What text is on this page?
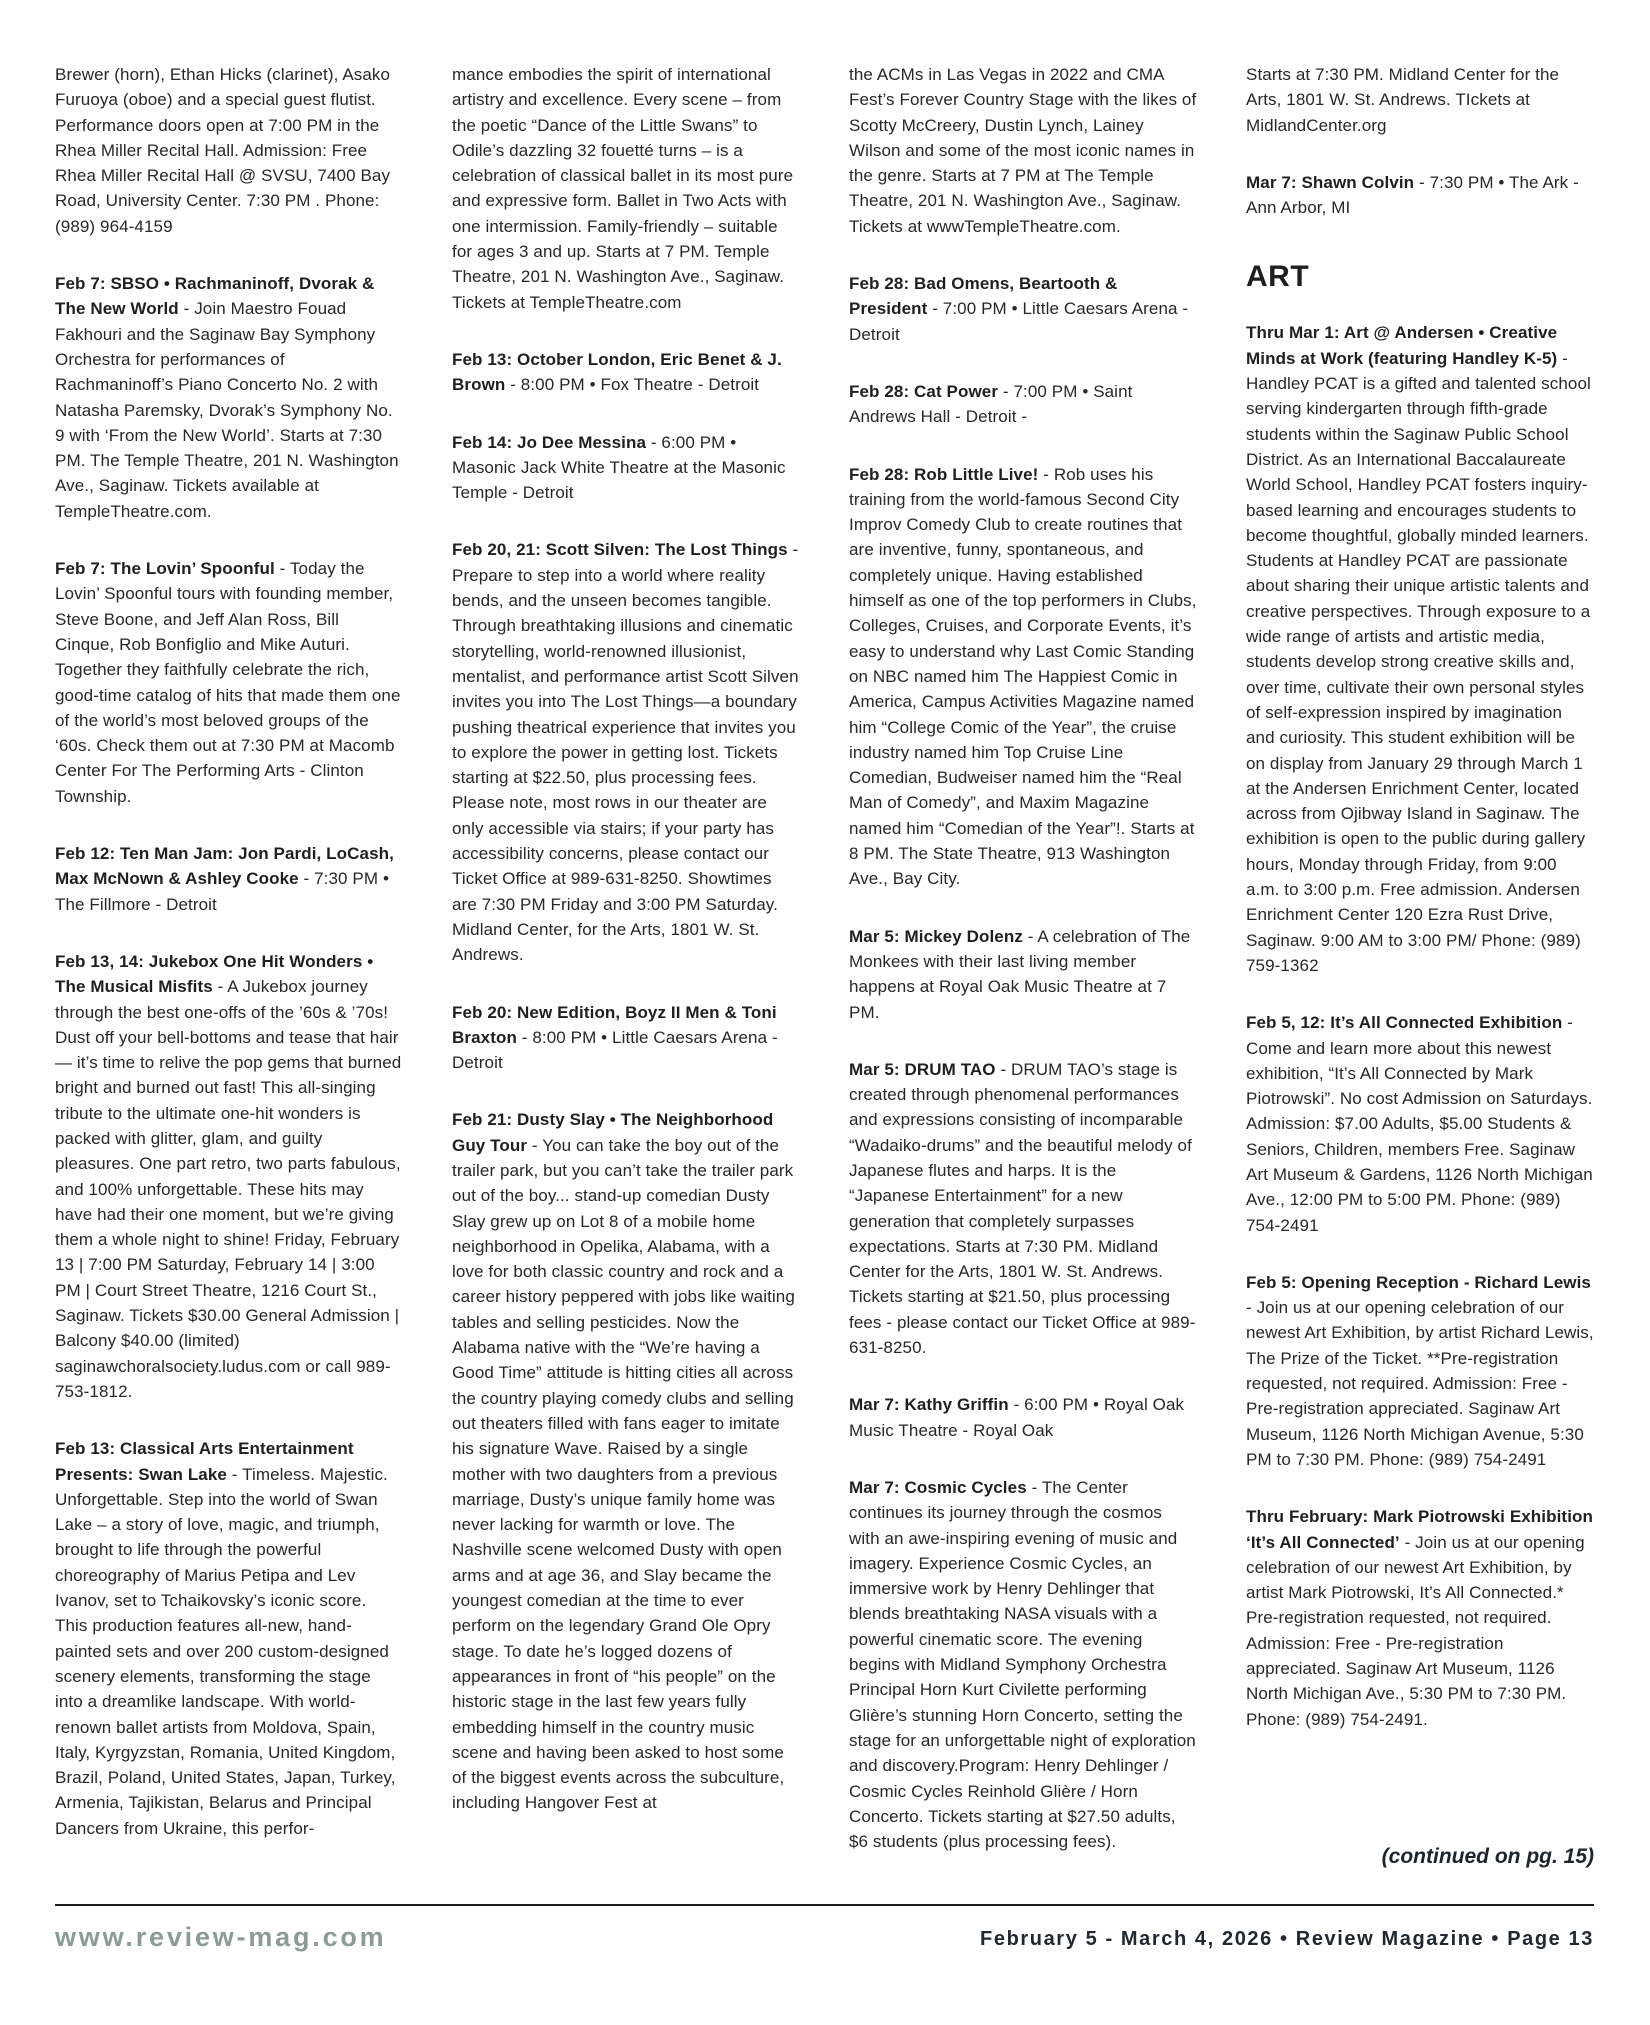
Brewer (horn), Ethan Hicks (clarinet), Asako Furuoya (oboe) and a special guest flutist. Performance doors open at 7:00 PM in the Rhea Miller Recital Hall. Admission: Free Rhea Miller Recital Hall @ SVSU, 7400 Bay Road, University Center. 7:30 PM . Phone: (989) 964-4159

Feb 7: SBSO • Rachmaninoff, Dvorak & The New World - Join Maestro Fouad Fakhouri and the Saginaw Bay Symphony Orchestra for performances of Rachmaninoff’s Piano Concerto No. 2 with Natasha Paremsky, Dvorak’s Symphony No. 9 with ‘From the New World’. Starts at 7:30 PM. The Temple Theatre, 201 N. Washington Ave., Saginaw. Tickets available at TempleTheatre.com.

Feb 7: The Lovin’ Spoonful - Today the Lovin’ Spoonful tours with founding member, Steve Boone, and Jeff Alan Ross, Bill Cinque, Rob Bonfiglio and Mike Auturi. Together they faithfully celebrate the rich, good-time catalog of hits that made them one of the world’s most beloved groups of the ‘60s. Check them out at 7:30 PM at Macomb Center For The Performing Arts - Clinton Township.

Feb 12: Ten Man Jam: Jon Pardi, LoCash, Max McNown & Ashley Cooke - 7:30 PM • The Fillmore - Detroit

Feb 13, 14: Jukebox One Hit Wonders • The Musical Misfits - A Jukebox journey through the best one-offs of the ’60s & ’70s! Dust off your bell-bottoms and tease that hair — it’s time to relive the pop gems that burned bright and burned out fast! This all-singing tribute to the ultimate one-hit wonders is packed with glitter, glam, and guilty pleasures. One part retro, two parts fabulous, and 100% unforgettable. These hits may have had their one moment, but we’re giving them a whole night to shine! Friday, February 13 | 7:00 PM Saturday, February 14 | 3:00 PM | Court Street Theatre, 1216 Court St., Saginaw. Tickets $30.00 General Admission | Balcony $40.00 (limited) saginawchoralsociety.ludus.com or call 989-753-1812.

Feb 13: Classical Arts Entertainment Presents: Swan Lake - Timeless. Majestic. Unforgettable. Step into the world of Swan Lake – a story of love, magic, and triumph, brought to life through the powerful choreography of Marius Petipa and Lev Ivanov, set to Tchaikovsky’s iconic score. This production features all-new, hand-painted sets and over 200 custom-designed scenery elements, transforming the stage into a dreamlike landscape. With world-renown ballet artists from Moldova, Spain, Italy, Kyrgyzstan, Romania, United Kingdom, Brazil, Poland, United States, Japan, Turkey, Armenia, Tajikistan, Belarus and Principal Dancers from Ukraine, this perfor-

mance embodies the spirit of international artistry and excellence. Every scene – from the poetic “Dance of the Little Swans” to Odile’s dazzling 32 fouetté turns – is a celebration of classical ballet in its most pure and expressive form. Ballet in Two Acts with one intermission. Family-friendly – suitable for ages 3 and up. Starts at 7 PM. Temple Theatre, 201 N. Washington Ave., Saginaw. Tickets at TempleTheatre.com

Feb 13: October London, Eric Benet & J. Brown - 8:00 PM • Fox Theatre - Detroit

Feb 14: Jo Dee Messina - 6:00 PM • Masonic Jack White Theatre at the Masonic Temple - Detroit

Feb 20, 21: Scott Silven: The Lost Things - Prepare to step into a world where reality bends, and the unseen becomes tangible. Through breathtaking illusions and cinematic storytelling, world-renowned illusionist, mentalist, and performance artist Scott Silven invites you into The Lost Things—a boundary pushing theatrical experience that invites you to explore the power in getting lost. Tickets starting at $22.50, plus processing fees. Please note, most rows in our theater are only accessible via stairs; if your party has accessibility concerns, please contact our Ticket Office at 989-631-8250. Showtimes are 7:30 PM Friday and 3:00 PM Saturday. Midland Center, for the Arts, 1801 W. St. Andrews.

Feb 20: New Edition, Boyz II Men & Toni Braxton - 8:00 PM • Little Caesars Arena - Detroit

Feb 21: Dusty Slay • The Neighborhood Guy Tour - You can take the boy out of the trailer park, but you can’t take the trailer park out of the boy... stand-up comedian Dusty Slay grew up on Lot 8 of a mobile home neighborhood in Opelika, Alabama, with a love for both classic country and rock and a career history peppered with jobs like waiting tables and selling pesticides. Now the Alabama native with the “We’re having a Good Time” attitude is hitting cities all across the country playing comedy clubs and selling out theaters filled with fans eager to imitate his signature Wave. Raised by a single mother with two daughters from a previous marriage, Dusty’s unique family home was never lacking for warmth or love. The Nashville scene welcomed Dusty with open arms and at age 36, and Slay became the youngest comedian at the time to ever perform on the legendary Grand Ole Opry stage. To date he’s logged dozens of appearances in front of “his people” on the historic stage in the last few years fully embedding himself in the country music scene and having been asked to host some of the biggest events across the subculture, including Hangover Fest at

the ACMs in Las Vegas in 2022 and CMA Fest’s Forever Country Stage with the likes of Scotty McCreery, Dustin Lynch, Lainey Wilson and some of the most iconic names in the genre. Starts at 7 PM at The Temple Theatre, 201 N. Washington Ave., Saginaw. Tickets at wwwTempleTheatre.com.

Feb 28: Bad Omens, Beartooth & President - 7:00 PM • Little Caesars Arena - Detroit

Feb 28: Cat Power - 7:00 PM • Saint Andrews Hall - Detroit -

Feb 28: Rob Little Live! - Rob uses his training from the world-famous Second City Improv Comedy Club to create routines that are inventive, funny, spontaneous, and completely unique. Having established himself as one of the top performers in Clubs, Colleges, Cruises, and Corporate Events, it’s easy to understand why Last Comic Standing on NBC named him The Happiest Comic in America, Campus Activities Magazine named him “College Comic of the Year”, the cruise industry named him Top Cruise Line Comedian, Budweiser named him the “Real Man of Comedy”, and Maxim Magazine named him “Comedian of the Year”!. Starts at 8 PM. The State Theatre, 913 Washington Ave., Bay City.

Mar 5: Mickey Dolenz - A celebration of The Monkees with their last living member happens at Royal Oak Music Theatre at 7 PM.

Mar 5: DRUM TAO - DRUM TAO’s stage is created through phenomenal performances and expressions consisting of incomparable “Wadaiko-drums” and the beautiful melody of Japanese flutes and harps. It is the “Japanese Entertainment” for a new generation that completely surpasses expectations. Starts at 7:30 PM. Midland Center for the Arts, 1801 W. St. Andrews. Tickets starting at $21.50, plus processing fees - please contact our Ticket Office at 989-631-8250.

Mar 7: Kathy Griffin - 6:00 PM • Royal Oak Music Theatre - Royal Oak

Mar 7: Cosmic Cycles - The Center continues its journey through the cosmos with an awe-inspiring evening of music and imagery. Experience Cosmic Cycles, an immersive work by Henry Dehlinger that blends breathtaking NASA visuals with a powerful cinematic score. The evening begins with Midland Symphony Orchestra Principal Horn Kurt Civilette performing Glière’s stunning Horn Concerto, setting the stage for an unforgettable night of exploration and discovery.Program: Henry Dehlinger / Cosmic Cycles Reinhold Glière / Horn Concerto. Tickets starting at $27.50 adults, $6 students (plus processing fees).

Starts at 7:30 PM. Midland Center for the Arts, 1801 W. St. Andrews. TIckets at MidlandCenter.org

Mar 7: Shawn Colvin - 7:30 PM • The Ark - Ann Arbor, MI

ART

Thru Mar 1: Art @ Andersen • Creative Minds at Work (featuring Handley K-5) - Handley PCAT is a gifted and talented school serving kindergarten through fifth-grade students within the Saginaw Public School District. As an International Baccalaureate World School, Handley PCAT fosters inquiry-based learning and encourages students to become thoughtful, globally minded learners. Students at Handley PCAT are passionate about sharing their unique artistic talents and creative perspectives. Through exposure to a wide range of artists and artistic media, students develop strong creative skills and, over time, cultivate their own personal styles of self-expression inspired by imagination and curiosity. This student exhibition will be on display from January 29 through March 1 at the Andersen Enrichment Center, located across from Ojibway Island in Saginaw. The exhibition is open to the public during gallery hours, Monday through Friday, from 9:00 a.m. to 3:00 p.m. Free admission. Andersen Enrichment Center 120 Ezra Rust Drive, Saginaw. 9:00 AM to 3:00 PM/ Phone: (989) 759-1362

Feb 5, 12: It’s All Connected Exhibition - Come and learn more about this newest exhibition, “It’s All Connected by Mark Piotrowski”. No cost Admission on Saturdays. Admission: $7.00 Adults, $5.00 Students & Seniors, Children, members Free. Saginaw Art Museum & Gardens, 1126 North Michigan Ave., 12:00 PM to 5:00 PM. Phone: (989) 754-2491

Feb 5: Opening Reception - Richard Lewis - Join us at our opening celebration of our newest Art Exhibition, by artist Richard Lewis, The Prize of the Ticket. **Pre-registration requested, not required. Admission: Free - Pre-registration appreciated. Saginaw Art Museum, 1126 North Michigan Avenue, 5:30 PM to 7:30 PM. Phone: (989) 754-2491

Thru February: Mark Piotrowski Exhibition ‘It’s All Connected’ - Join us at our opening celebration of our newest Art Exhibition, by artist Mark Piotrowski, It’s All Connected.* Pre-registration requested, not required. Admission: Free - Pre-registration appreciated. Saginaw Art Museum, 1126 North Michigan Ave., 5:30 PM to 7:30 PM. Phone: (989) 754-2491.

(continued on pg. 15)
www.review-mag.com	February 5 - March 4, 2026 • Review Magazine • Page 13
